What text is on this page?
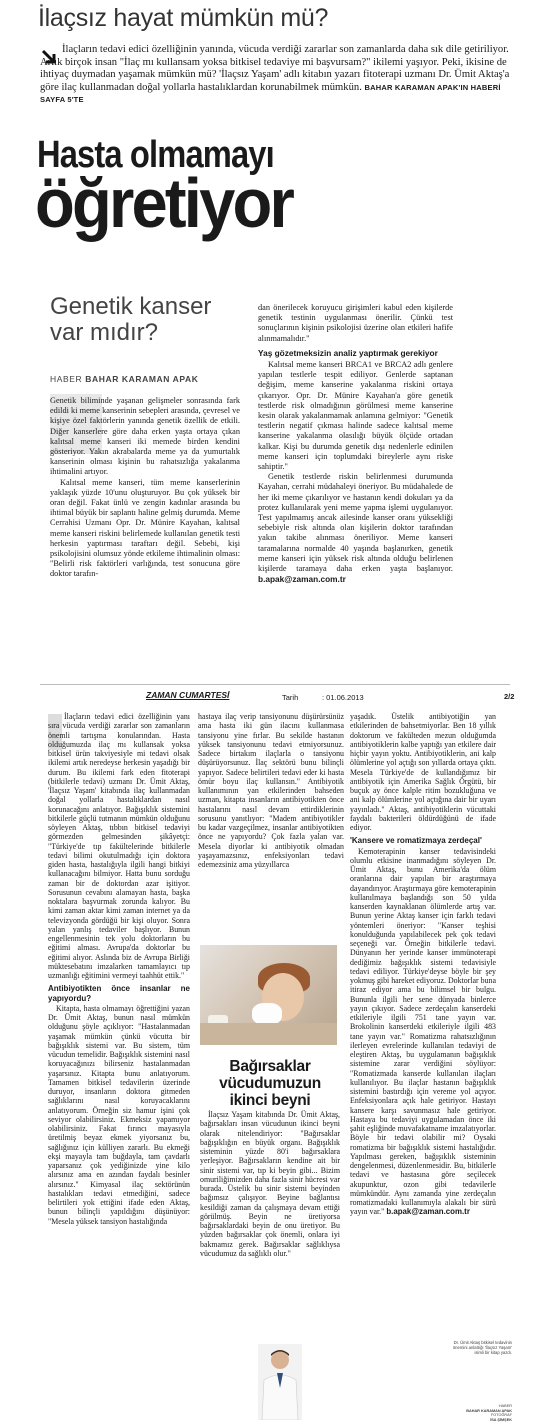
İlaçsız hayat mümkün mü?
İlaçların tedavi edici özelliğinin yanında, vücuda verdiği zararlar son zamanlarda daha sık dile getiriliyor. Artık birçok insan "İlaç mı kullansam yoksa bitkisel tedaviye mi başvursam?" ikilemi yaşıyor. Peki, ikisine de ihtiyaç duymadan yaşamak mümkün mü? 'İlaçsız Yaşam' adlı kitabın yazarı fitoterapi uzmanı Dr. Ümit Aktaş'a göre ilaç kullanmadan doğal yollarla hastalıklardan korunabilmek mümkün. BAHAR KARAMAN APAK'IN HABERİ SAYFA 5'TE
Hasta olmamayı
öğretiyor
Genetik kanser var mıdır?
HABER BAHAR KARAMAN APAK

Genetik biliminde yaşanan gelişmeler sonrasında fark edildi ki meme kanserinin sebepleri arasında, çevresel ve kişiye özel faktörlerin yanında genetik özellik de etkili. Diğer kanserlere göre daha erken yaşta ortaya çıkan kalıtsal meme kanseri iki memede birden kendini gösteriyor. Yakın akrabalarda meme ya da yumurtalık kanserinin olması kişinin bu rahatsızlığa yakalanma ihtimalini artıyor.

Kalıtsal meme kanseri, tüm meme kanserlerinin yaklaşık yüzde 10'unu oluşturuyor. Bu çok yüksek bir oran değil. Fakat ünlü ve zengin kadınlar arasında bu ihtimal büyük bir saplantı haline gelmiş durumda. Meme Cerrahisi Uzmanı Opr. Dr. Münire Kayahan, kalıtsal meme kanseri riskini belirlemede kullanılan genetik testi herkesin yaptırması taraftarı değil. Sebebi, kişi psikolojisini olumsuz yönde etkileme ihtimalinin olması: "Belirli risk faktörleri varlığında, test sonucuna göre doktor tarafın-

dan önerilecek koruyucu girişimleri kabul eden kişilerde genetik testinin uygulanması önerilir. Çünkü test sonuçlarının kişinin psikolojisi üzerine olan etkileri hafife alınmamalıdır."

Yaş gözetmeksizin analiz yaptırmak gerekiyor

Kalıtsal meme kanseri BRCA1 ve BRCA2 adlı genlere yapılan testlerle tespit ediliyor. Genlerde saptanan değişim, meme kanserine yakalanma riskini ortaya çıkarıyor. Opr. Dr. Münire Kayahan'a göre genetik testlerde risk olmadığının görülmesi meme kanserine kesin olarak yakalanmamak anlamına gelmiyor: "Genetik testlerin negatif çıkması halinde sadece kalıtsal meme kanserine yakalanma olasılığı büyük ölçüde ortadan kalkar. Kişi bu durumda genetik dışı nedenlerle edinilen meme kanseri için toplumdaki bireylerle aynı riske sahiptir."

Genetik testlerde riskin belirlenmesi durumunda Kayahan, cerrahi müdahaleyi öneriyor. Bu müdahalede de her iki meme çıkarılıyor ve hastanın kendi dokuları ya da protez kullanılarak yeni meme yapma işlemi uygulanıyor. Test yapılmamış ancak ailesinde kanser oranı yüksekliği sebebiyle risk altında olan kişilerin doktor tarafından yakın takibe alınması öneriliyor. Meme kanseri taramalarına normalde 40 yaşında başlanırken, genetik meme kanseri için yüksek risk altında olduğu belirlenen kişilerde taramaya daha erken yaşta başlanıyor. b.apak@zaman.com.tr

ZAMAN CUMARTESİ	Tarih	: 01.06.2013	2/2

İlaçların tedavi edici özelliğinin yanı sıra vücuda verdiği zararlar son zamanların önemli tartışma konularından. Hasta olduğumuzda ilaç mı kullansak yoksa bitkisel ürün takviyesiyle mi tedavi olsak ikilemi artık neredeyse herkesin yaşadığı bir durum. Bu ikilemi fark eden fitoterapi (bitkilerle tedavi) uzmanı Dr. Ümit Aktaş, 'İlaçsız Yaşam' kitabında ilaç kullanmadan doğal yollarla hastalıklardan nasıl korunacağını anlatıyor. Bağışıklık sistemini bitkilerle güçlü tutmanın mümkün olduğunu söyleyen Aktaş, tıbbın bitkisel tedaviyi görmezden gelmesinden şikâyetçi: "Türkiye'de tıp fakültelerinde bitkilerle tedavi bilimi okutulmadığı için doktora giden hasta, hastalığıyla ilgili hangi bitkiyi kullanacağını bilmiyor. Hatta bunu sorduğu zaman bir de doktordan azar işitiyor. Sorusunun cevabını alamayan hasta, başka noktalara başvurmak zorunda kalıyor. Bu kimi zaman aktar kimi zaman internet ya da televizyonda gördüğü bir kişi oluyor. Sonra yalan yanlış tedaviler başlıyor. Bunun engellenmesinin tek yolu doktorların bu eğitimi alması. Avrupa'da doktorlar bu eğitimi alıyor. Aslında biz de Avrupa Birliği müktesebatını imzalarken tamamlayıcı tıp uzmanlığı eğitimini vermeyi taahhüt ettik."

Antibiyotikten önce insanlar ne yapıyordu?

Kitapta, hasta olmamayı öğrettiğini yazan Dr. Ümit Aktaş, bunun nasıl mümkün olduğunu şöyle açıklıyor: "Hastalanmadan yaşamak mümkün çünkü vücutta bir bağışıklık sistemi var. Bu sistem, tüm vücudun temelidir. Bağışıklık sistemini nasıl koruyacağınızı bilirseniz hastalanmadan yaşarsınız. Kitapta bunu anlatıyorum. Tamamen bitkisel tedavilerin üzerinde duruyor, insanların doktora gitmeden sağlıklarını nasıl koruyacaklarını anlatıyorum. Örneğin siz hamur işini çok seviyor olabilirsiniz. Ekmeksiz yapamıyor olabilirsiniz. Fakat fırıncı mayasıyla üretilmiş beyaz ekmek yiyorsanız bu, sağlığınız için külliyen zararlı. Bu ekmeği ekşi mayayla tam buğdayla, tam çavdarlı yaparsanız çok yediğinizde yine kilo alırsınız ama en azından faydalı besinler alırsınız." Kimyasal ilaç sektörünün hastalıkları tedavi etmediğini, sadece belirtileri yok ettiğini ifade eden Aktaş, bunun bilinçli yapıldığını düşünüyor: "Mesela yüksek tansiyon hastalığında

hastaya ilaç verip tansiyonunu düşürürsünüz ama hasta iki gün ilacını kullanmasa tansiyonu yine fırlar. Bu sekilde hastanın yüksek tansiyonunu tedavi etmiyorsunuz. Sadece birtakım ilaçlarla o tansiyonu düşürüyorsunuz. İlaç sektörü bunu bilinçli yapıyor. Sadece belirtileri tedavi eder ki hasta ömür boyu ilaç kullansın." Antibiyotik kullanımının yan etkilerinden bahseden uzman, kitapta insanların antibiyotikten önce hastalarını nasıl devam ettirdiklerinin sorusunu yanıtlıyor: "Madem antibiyotikler bu kadar vazgeçilmez, insanlar antibiyotikten önce ne yapıyordu? Çok fazla yalan var. Mesela diyorlar ki antibiyotik olmadan yaşayamazsınız, enfeksiyonları tedavi edemezsiniz ama yüzyıllarca

Bağırsaklar vücudumuzun ikinci beyni

İlaçsız Yaşam kitabında Dr. Ümit Aktaş, bağırsakları insan vücudunun ikinci beyni olarak nitelendiriyor: "Bağırsaklar bağışıklığın en büyük organı. Bağışıklık sisteminin yüzde 80'i bağırsaklara yerleşiyor. Bağırsakların kendine ait bir sinir sistemi var, tıp ki beyin gibi... Bizim omuriliğimizden daha fazla sinir hücresi var burada. Üstelik bu sinir sistemi beyinden bağımsız çalışıyor. Beyine bağlantısı kesildiği zaman da çalışmaya devam ettiği görülmüş. Beyin ne üretiyorsa bağırsaklardaki beyin de onu üretiyor. Bu yüzden bağırsaklar çok önemli, onlara iyi bakmamız gerek. Bağırsaklar sağlıklıysa vücudumuz da sağlıklı olur."

yaşadık. Üstelik antibiyotiğin yan etkilerinden de bahsetmiyorlar. Ben 18 yıllık doktorum ve fakülteden mezun olduğumda antibiyotiklerin kalbe yaptığı yan etkilere dair hiçbir yayın yoktu. Antibiyotiklerin, ani kalp ölümlerine yol açtığı son yıllarda ortaya çıktı. Mesela Türkiye'de de kullandığımız bir antibiyotik için Amerika Sağlık Örgütü, bir buçuk ay önce kalple ritim bozukluğuna ve ani kalp ölümlerine yol açtığına dair bir uyarı yayınladı." Aktaş, antibiyotiklerin vücuttaki faydalı bakterileri öldürdüğünü de ifade ediyor.

'Kansere ve romatizmaya zerdeçal'

Kemoterapinin kanser tedavisindeki olumlu etkisine inanmadığını söyleyen Dr. Ümit Aktaş, bunu Amerika'da ölüm oranlarına dair yapılan bir araştırmaya dayandırıyor. Araştırmaya göre kemoterapinin kullanılmaya başlandığı son 50 yılda kanserden kaynaklanan ölümlerde artış var. Bunun yerine Aktaş kanser için farklı tedavi yöntemleri öneriyor: "Kanser teşhisi konulduğunda yapılabilecek pek çok tedavi seçeneği var. Örneğin bitkilerle tedavi. Dünyanın her yerinde kanser immünoterapi dediğimiz bağışıklık sistemi tedavisiyle tedavi ediliyor. Türkiye'deyse böyle bir şey yokmuş gibi hareket ediyoruz. Doktorlar buna itiraz ediyor ama bu bilimsel bir bulgu. Bununla ilgili her sene dünyada binlerce yayın çıkıyor. Sadece zerdeçalın kanserdeki etkileriyle ilgili 751 tane yayın var. Brokolinin kanserdeki etkileriyle ilgili 483 tane yayın var." Romatizma rahatsızlığının ilerleyen evrelerinde kullanılan tedaviyi de eleştiren Aktaş, bu uygulamanın bağışıklık sistemine zarar verdiğini söylüyor: "Romatizmada kanserde kullanılan ilaçları kullanılıyor. Bu ilaçlar hastanın bağışıklık sistemini bastırdığı için vereme yol açıyor. Enfeksiyonlara açık hale getiriyor. Hastayı kansere karşı savunmasız hale getiriyor. Hastaya bu tedaviyi uygulamadan önce iki şahit eşliğinde muvafakatname imzalatıyorlar. Böyle bir tedavi olabilir mi? Oysaki romatizma bir bağışıklık sistemi hastalığıdır. Yapılması gereken, bağışıklık sisteminin dengelenmesi, düzenlenmesidir. Bu, bitkilerle tedavi ve hastasına göre seçilecek akupunktur, ozon gibi tedavilerle mümkündür. Aynı zamanda yine zerdeçalın romatizmadaki kullanımıyla alakalı bir sürü yayın var." b.apak@zaman.com.tr

Dr. Ümit Aktaş bitkisel tedavinin önemini anlattığı 'İlaçsız Yaşam' isimli bir kitap yazdı.
HABER
BAHAR KARAMAN APAK
FOTOĞRAF
İSA ŞİMŞEK
